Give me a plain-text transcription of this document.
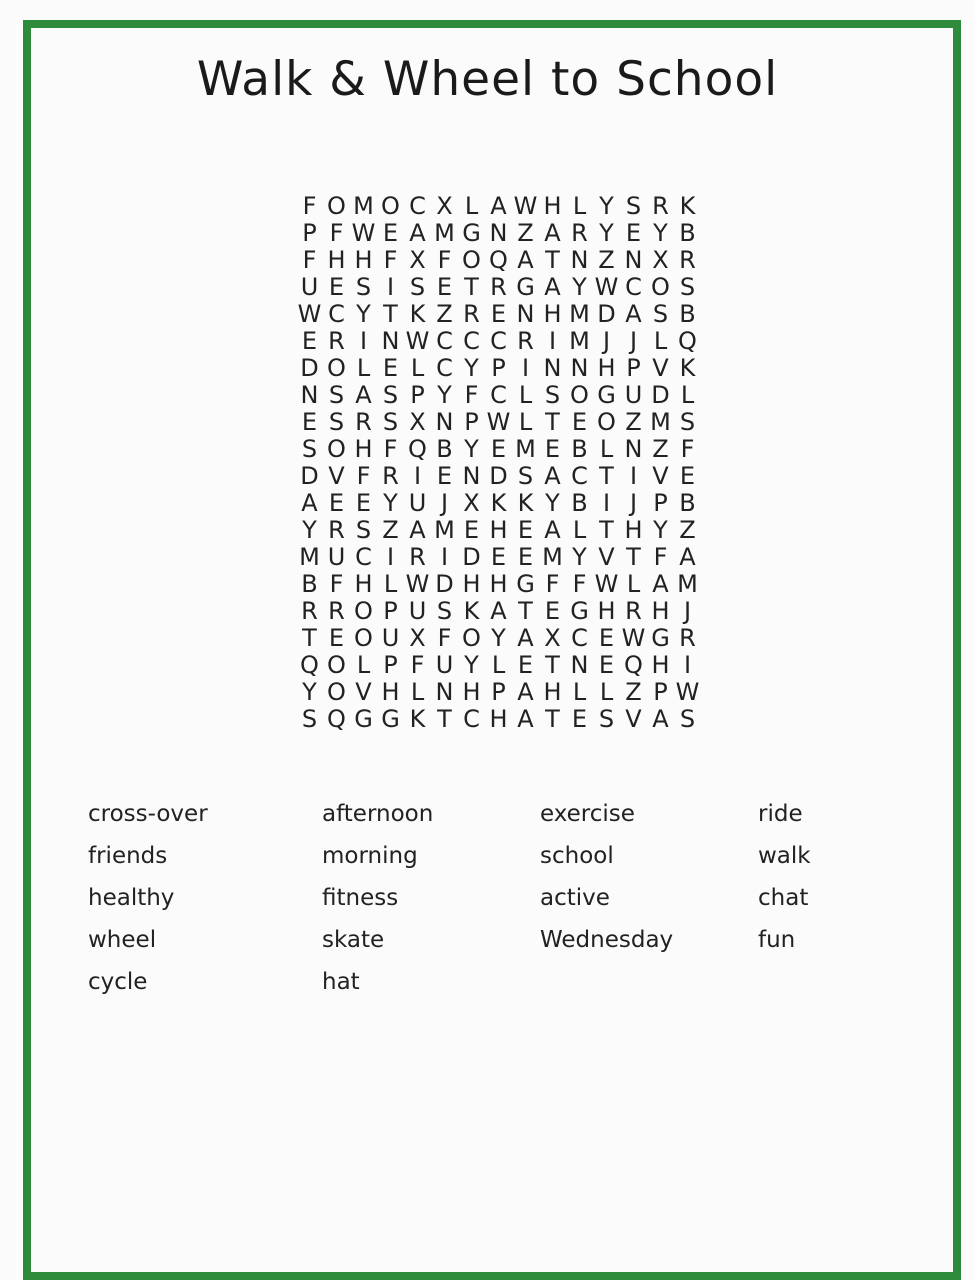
Walk & Wheel to School
F O M O C X L A W H L Y S R K
P F W E A M G N Z A R Y E Y B
F H H F X F O Q A T N Z N X R
U E S I S E T R G A Y W C O S
W C Y T K Z R E N H M D A S B
E R I N W C C C R I M J J L Q
D O L E L C Y P I N N H P V K
N S A S P Y F C L S O G U D L
E S R S X N P W L T E O Z M S
S O H F Q B Y E M E B L N Z F
D V F R I E N D S A C T I V E
A E E Y U J X K K Y B I J P B
Y R S Z A M E H E A L T H Y Z
M U C I R I D E E M Y V T F A
B F H L W D H H G F F W L A M
R R O P U S K A T E G H R H J
T E O U X F O Y A X C E W G R
Q O L P F U Y L E T N E Q H I
Y O V H L N H P A H L L Z P W
S Q G G K T C H A T E S V A S
cross-over
friends
healthy
wheel
cycle
afternoon
morning
fitness
skate
hat
exercise
school
active
Wednesday
ride
walk
chat
fun
